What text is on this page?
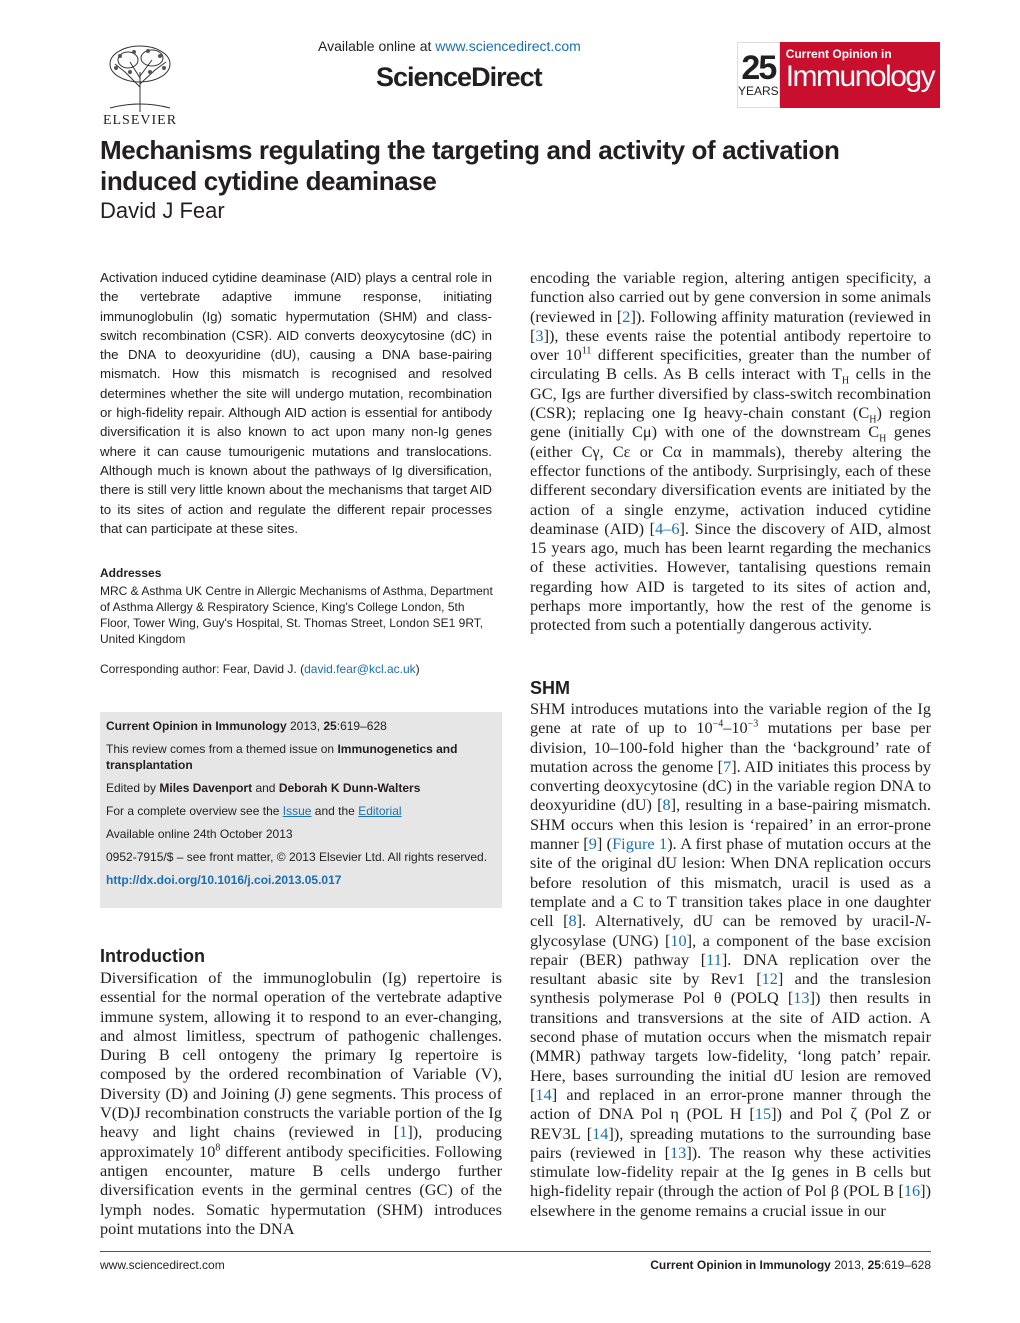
ELSEVIER
Available online at www.sciencedirect.com
ScienceDirect	25
YEARS
Current Opinion in
Immunology
Mechanisms regulating the targeting and activity of activation induced cytidine deaminase
David J Fear
Activation induced cytidine deaminase (AID) plays a central role in the vertebrate adaptive immune response, initiating immunoglobulin (Ig) somatic hypermutation (SHM) and class-switch recombination (CSR). AID converts deoxycytosine (dC) in the DNA to deoxyuridine (dU), causing a DNA base-pairing mismatch. How this mismatch is recognised and resolved determines whether the site will undergo mutation, recombination or high-fidelity repair. Although AID action is essential for antibody diversification it is also known to act upon many non-Ig genes where it can cause tumourigenic mutations and translocations. Although much is known about the pathways of Ig diversification, there is still very little known about the mechanisms that target AID to its sites of action and regulate the different repair processes that can participate at these sites.
Addresses
MRC & Asthma UK Centre in Allergic Mechanisms of Asthma, Department of Asthma Allergy & Respiratory Science, King's College London, 5th Floor, Tower Wing, Guy's Hospital, St. Thomas Street, London SE1 9RT, United Kingdom
Corresponding author: Fear, David J. (david.fear@kcl.ac.uk)

Current Opinion in Immunology 2013, 25:619–628

This review comes from a themed issue on Immunogenetics and transplantation

Edited by Miles Davenport and Deborah K Dunn-Walters

For a complete overview see the Issue and the Editorial

Available online 24th October 2013

0952-7915/$ – see front matter, © 2013 Elsevier Ltd. All rights reserved.

http://dx.doi.org/10.1016/j.coi.2013.05.017

Introduction

Diversification of the immunoglobulin (Ig) repertoire is essential for the normal operation of the vertebrate adaptive immune system, allowing it to respond to an ever-changing, and almost limitless, spectrum of pathogenic challenges. During B cell ontogeny the primary Ig repertoire is composed by the ordered recombination of Variable (V), Diversity (D) and Joining (J) gene segments. This process of V(D)J recombination constructs the variable portion of the Ig heavy and light chains (reviewed in [1]), producing approximately $10^8$ different antibody specificities. Following antigen encounter, mature B cells undergo further diversification events in the germinal centres (GC) of the lymph nodes. Somatic hypermutation (SHM) introduces point mutations into the DNA

encoding the variable region, altering antigen specificity, a function also carried out by gene conversion in some animals (reviewed in [2]). Following affinity maturation (reviewed in [3]), these events raise the potential antibody repertoire to over $10^{11}$ different specificities, greater than the number of circulating B cells. As B cells interact with $T_H$ cells in the GC, Igs are further diversified by class-switch recombination (CSR); replacing one Ig heavy-chain constant $(C_H)$ region gene (initially Cμ) with one of the downstream $C_H$ genes (either Cγ, Cε or Cα in mammals), thereby altering the effector functions of the antibody. Surprisingly, each of these different secondary diversification events are initiated by the action of a single enzyme, activation induced cytidine deaminase (AID) [4–6]. Since the discovery of AID, almost 15 years ago, much has been learnt regarding the mechanics of these activities. However, tantalising questions remain regarding how AID is targeted to its sites of action and, perhaps more importantly, how the rest of the genome is protected from such a potentially dangerous activity.

SHM

SHM introduces mutations into the variable region of the Ig gene at rate of up to $10^{-4}-10^{-3}$ mutations per base per division, 10–100-fold higher than the ‘background’ rate of mutation across the genome [7]. AID initiates this process by converting deoxycytosine (dC) in the variable region DNA to deoxyuridine (dU) [8], resulting in a base-pairing mismatch. SHM occurs when this lesion is ‘repaired’ in an error-prone manner [9] (Figure 1). A first phase of mutation occurs at the site of the original dU lesion: When DNA replication occurs before resolution of this mismatch, uracil is used as a template and a C to T transition takes place in one daughter cell [8]. Alternatively, dU can be removed by uracil-N-glycosylase (UNG) [10], a component of the base excision repair (BER) pathway [11]. DNA replication over the resultant abasic site by Rev1 [12] and the translesion synthesis polymerase Pol θ (POLQ [13]) then results in transitions and transversions at the site of AID action. A second phase of mutation occurs when the mismatch repair (MMR) pathway targets low-fidelity, ‘long patch’ repair. Here, bases surrounding the initial dU lesion are removed [14] and replaced in an error-prone manner through the action of DNA Pol η (POL H [15]) and Pol ζ (Pol Z or REV3L [14]), spreading mutations to the surrounding base pairs (reviewed in [13]). The reason why these activities stimulate low-fidelity repair at the Ig genes in B cells but high-fidelity repair (through the action of Pol β (POL B [16]) elsewhere in the genome remains a crucial issue in our

www.sciencedirect.com	Current Opinion in Immunology 2013, 25:619–628
